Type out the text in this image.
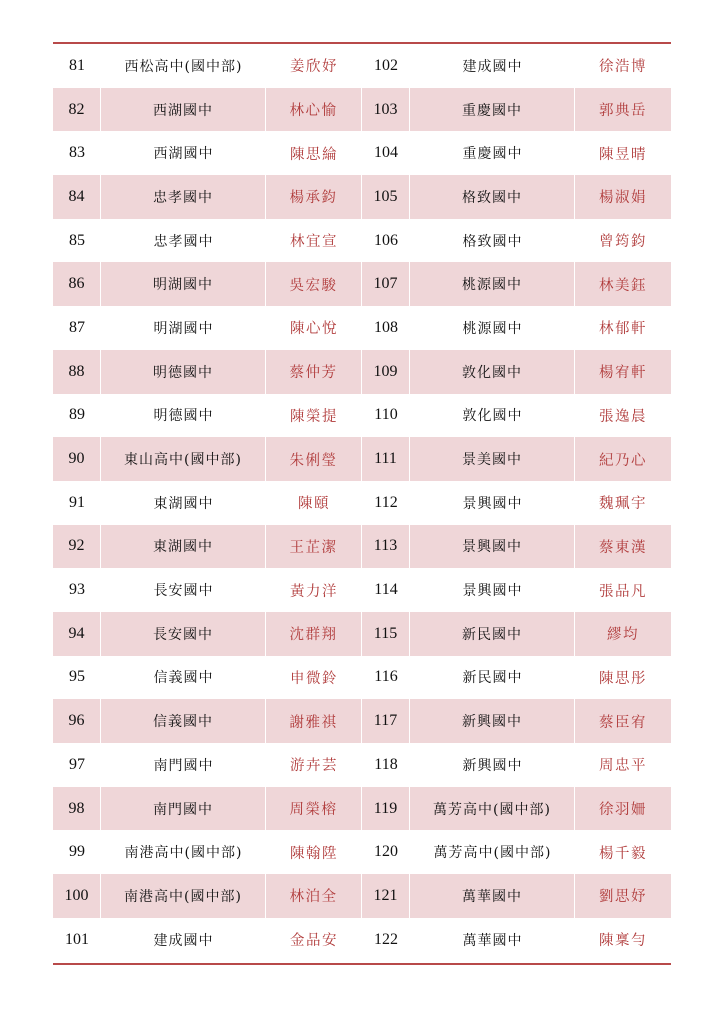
81	西松高中(國中部)	姜欣妤	102	建成國中	徐浩博
82	西湖國中	林心愉	103	重慶國中	郭典岳
83	西湖國中	陳思綸	104	重慶國中	陳昱晴
84	忠孝國中	楊承鈞	105	格致國中	楊淑娟
85	忠孝國中	林宜宣	106	格致國中	曾筠鈞
86	明湖國中	吳宏駿	107	桃源國中	林美鈺
87	明湖國中	陳心悅	108	桃源國中	林郁軒
88	明德國中	蔡仲芳	109	敦化國中	楊宥軒
89	明德國中	陳榮提	110	敦化國中	張逸晨
90	東山高中(國中部)	朱俐瑩	111	景美國中	紀乃心
91	東湖國中	陳頤	112	景興國中	魏珮宇
92	東湖國中	王芷潔	113	景興國中	蔡東漢
93	長安國中	黃力洋	114	景興國中	張品凡
94	長安國中	沈群翔	115	新民國中	繆均
95	信義國中	申微鈴	116	新民國中	陳思彤
96	信義國中	謝雅祺	117	新興國中	蔡臣宥
97	南門國中	游卉芸	118	新興國中	周忠平
98	南門國中	周榮榕	119	萬芳高中(國中部)	徐羽姍
99	南港高中(國中部)	陳翰陞	120	萬芳高中(國中部)	楊千毅
100	南港高中(國中部)	林泊全	121	萬華國中	劉思妤
101	建成國中	金品安	122	萬華國中	陳稟勻
